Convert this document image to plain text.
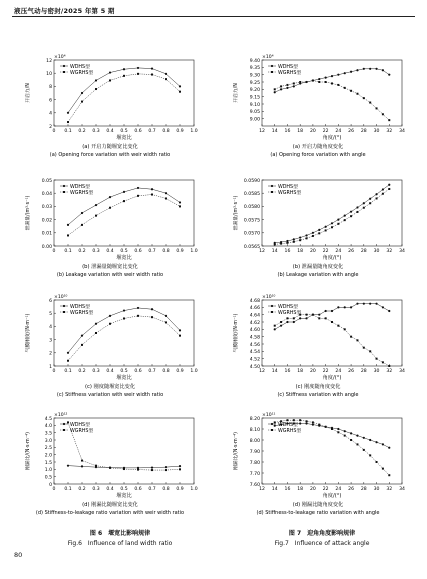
液压气动与密封/2025 年第 5 期
2
4
6
8
10
12
0 0.1 0.2 0.3 0.4 0.5 0.6 0.7 0.8 0.9 1.0
×10⁴
堰宽比
开启力/N
WDHS型
WGRHS型
(a) 开启力随堰宽比变化
(a) Opening force variation with weir width ratio
0.00
0.01
0.02
0.03
0.04
0.05
0 0.1 0.2 0.3 0.4 0.5 0.6 0.7 0.8 0.9 1.0
堰宽比
泄漏量/(m³·s⁻¹)
WDHS型
WGRHS型
(b) 泄漏量随堰宽比变化
(b) Leakage variation with weir width ratio
1
2
3
4
5
6
0 0.1 0.2 0.3 0.4 0.5 0.6 0.7 0.8 0.9 1.0
×10¹⁰
堰宽比
气膜刚度/(N·m⁻¹)
WDHS型
WGRHS型
(c) 刚度随堰宽比变化
(c) Stiffness variation with weir width ratio
0
0.5
1.0
1.5
2.0
2.5
3.0
3.5
4.0
4.5
0 0.1 0.2 0.3 0.4 0.5 0.6 0.7 0.8 0.9 1.0
×10¹²
堰宽比
刚漏比/(N·s·m⁻⁴)
WDHS型
WGRHS型
(d) 刚漏比随堰宽比变化
(d) Stiffness-to-leakage ratio variation with weir width ratio
9.00
9.05
9.10
9.15
9.20
9.25
9.30
9.35
9.40
12 14 16 18 20 22 24 26 28 30 32 34
×10⁴
角度/(°)
开启力/N
WDHS型
WGRHS型
(a) 开启力随角度变化
(a) Opening force variation with angle
0.0565
0.0570
0.0575
0.0580
0.0585
0.0590
12 14 16 18 20 22 24 26 28 30 32 34
角度/(°)
泄漏量/(m³·s⁻¹)
WDHS型
WGRHS型
(b) 泄漏量随角度变化
(b) Leakage variation with angle
4.50
4.52
4.54
4.56
4.58
4.60
4.62
4.64
4.66
4.68
12 14 16 18 20 22 24 26 28 30 32 34
×10¹⁰
角度/(°)
气膜刚度/(N·m⁻¹)
WDHS型
WGRHS型
(c) 刚度随角度变化
(c) Stiffness variation with angle
7.60
7.70
7.80
7.90
8.00
8.10
8.20
12 14 16 18 20 22 24 26 28 30 32 34
×10¹¹
角度/(°)
刚漏比/(N·s·m⁻⁴)
WDHS型
WGRHS型
(d) 刚漏比随角度变化
(d) Stiffness-to-leakage ratio variation with angle
图 6　堰宽比影响规律
Fig.6　Influence of land width ratio
图 7　迎角角度影响规律
Fig.7　Influence of attack angle
80
